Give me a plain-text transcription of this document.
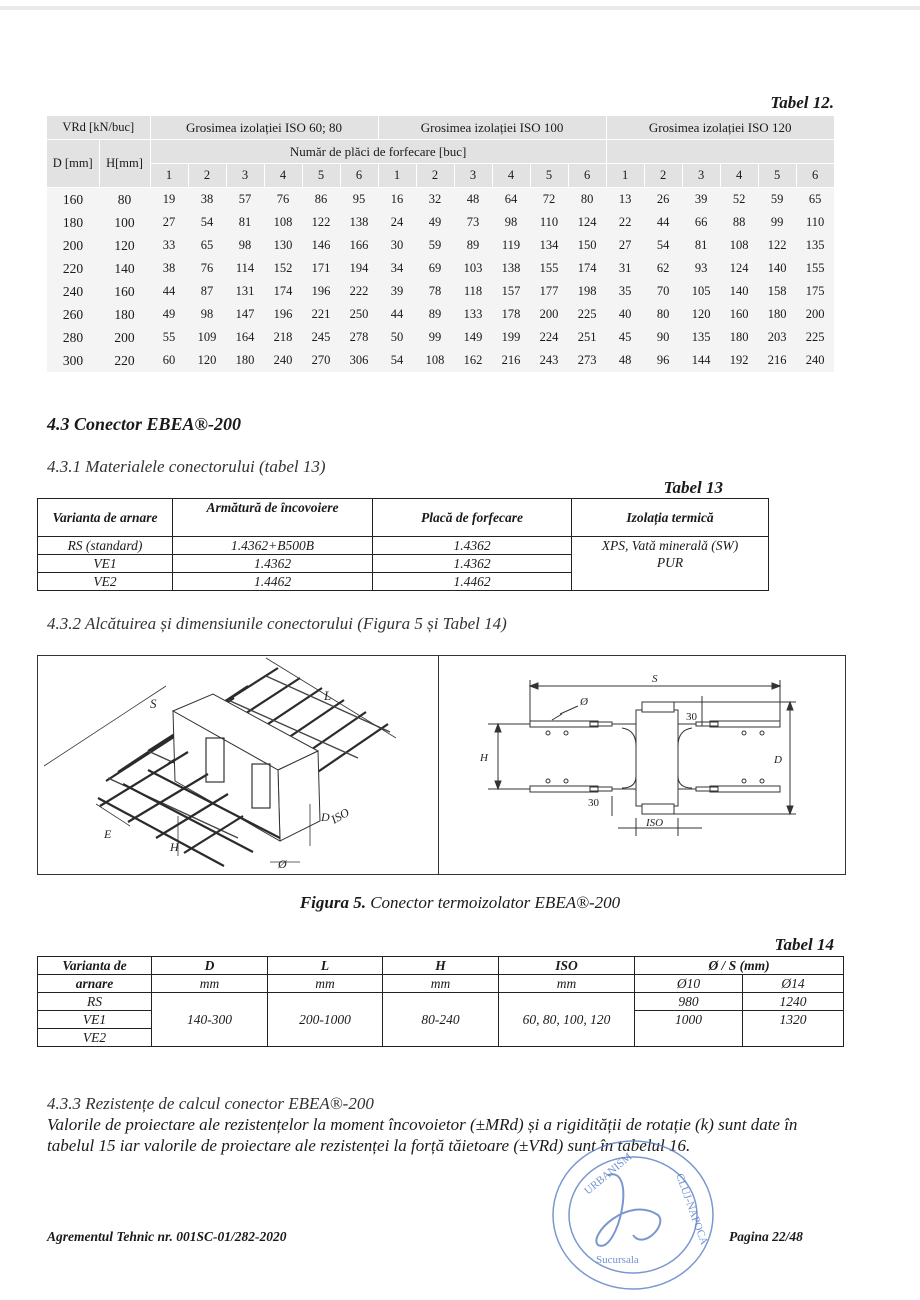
Tabel 12.
VRd [kN/buc]		Grosimea izolației ISO 60; 80						Grosimea izolației ISO 100						Grosimea izolației ISO 120					
D [mm]	H[mm]	Număr de plăci de forfecare [buc]																	
		1	2	3	4	5	6	1	2	3	4	5	6	1	2	3	4	5	6
160	80	19	38	57	76	86	95	16	32	48	64	72	80	13	26	39	52	59	65
180	100	27	54	81	108	122	138	24	49	73	98	110	124	22	44	66	88	99	110
200	120	33	65	98	130	146	166	30	59	89	119	134	150	27	54	81	108	122	135
220	140	38	76	114	152	171	194	34	69	103	138	155	174	31	62	93	124	140	155
240	160	44	87	131	174	196	222	39	78	118	157	177	198	35	70	105	140	158	175
260	180	49	98	147	196	221	250	44	89	133	178	200	225	40	80	120	160	180	200
280	200	55	109	164	218	245	278	50	99	149	199	224	251	45	90	135	180	203	225
300	220	60	120	180	240	270	306	54	108	162	216	243	273	48	96	144	192	216	240
4.3 Conector EBEA®-200
4.3.1 Materialele conectorului (tabel 13)
Tabel 13
Varianta de arnare	Armătură de încovoiere	Placă de forfecare	Izolația termică
RS (standard)	1.4362+B500B	1.4362	XPS, Vată minerală (SW)
PUR

VE1	1.4362	1.4362	
VE2	1.4462	1.4462	
4.3.2 Alcătuirea și dimensiunile conectorului (Figura 5 și Tabel 14)
S
L
E
H
D
ISO
Ø
S
Ø
30
H	D
30
ISO
Figura 5. Conector termoizolator EBEA®-200
Tabel 14
Varianta de	D	L	H	ISO	Ø / S (mm)	
arnare	mm	mm	mm	mm	Ø10	Ø14
RS	140-300	200-1000	80-240	60, 80, 100, 120	980	1240
VE1					1000	1320
VE2						
4.3.3 Rezistențe de calcul conector EBEA®-200
Valorile de proiectare ale rezistențelor la moment încovoietor (±MRd) și a rigidității de rotație (k) sunt date în tabelul 15 iar valorile de proiectare ale rezistenței la forță tăietoare (±VRd) sunt în tabelul 16.
URBANISM	CLUJ-NAPOCA
Sucursala
Agrementul Tehnic nr. 001SC-01/282-2020	Pagina 22/48
